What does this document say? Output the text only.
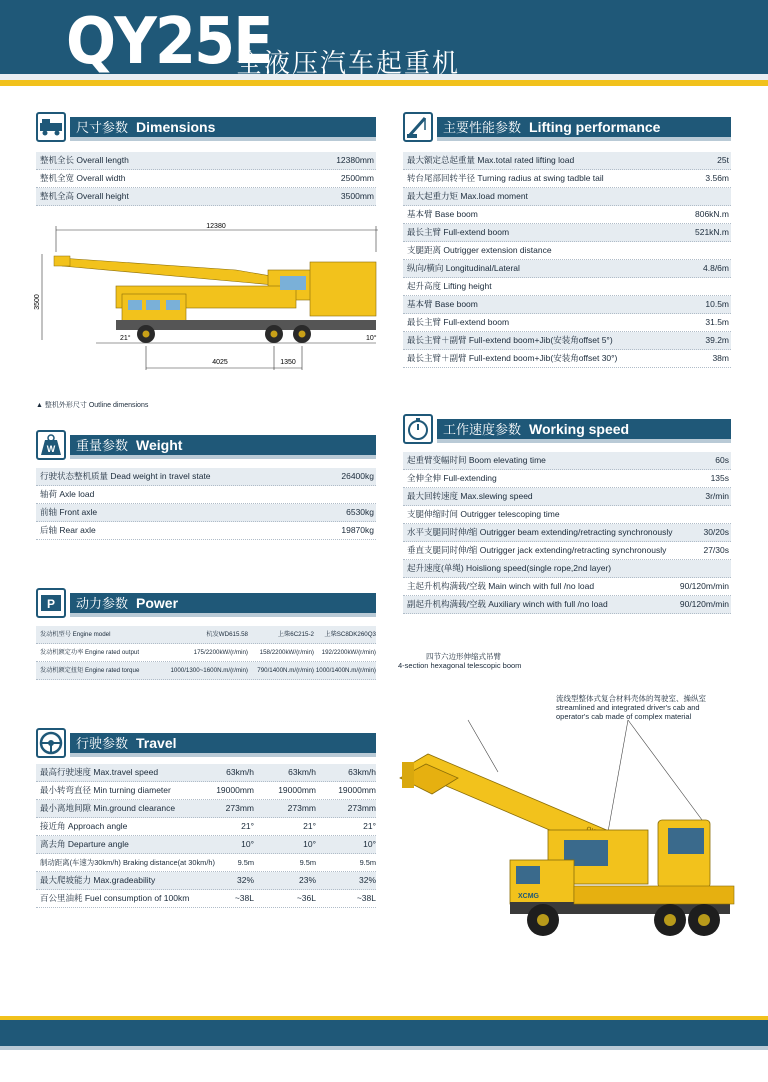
QY25E
全液压汽车起重机
尺寸参数 Dimensions
整机全长 Overall length	12380mm
整机全宽 Overall width	2500mm
整机全高 Overall height	3500mm
12380
3500
21°	10°
4025	1350
▲ 整机外形尺寸 Outline dimensions
主要性能参数 Lifting performance
最大额定总起重量 Max.total rated lifting load	25t
转台尾部回转半径 Turning radius at swing tadble tail	3.56m
最大起重力矩 Max.load moment
基本臂 Base boom	806kN.m
最长主臂 Full-extend boom	521kN.m
支腿距离 Outrigger extension distance
纵向/横向 Longitudinal/Lateral	4.8/6m
起升高度 Lifting height
基本臂 Base boom	10.5m
最长主臂 Full-extend boom	31.5m
最长主臂＋副臂 Full-extend boom+Jib(安装角offset 5°)	39.2m
最长主臂＋副臂 Full-extend boom+Jib(安装角offset 30°)	38m
W	重量参数 Weight
行驶状态整机质量 Dead weight in travel state	26400kg
轴荷 Axle load
前轴 Front axle	6530kg
后轴 Rear axle	19870kg
工作速度参数 Working speed
起重臂变幅时间 Boom elevating time	60s
全伸全伸 Full-extending	135s
最大回转速度 Max.slewing speed	3r/min
支腿伸缩时间 Outrigger telescoping time
水平支腿同时伸/缩 Outrigger beam extending/retracting synchronously	30/20s
垂直支腿同时伸/缩 Outrigger jack extending/retracting synchronously	27/30s
起升速度(单绳) Hoisliong speed(single rope,2nd layer)
主起升机构满载/空载 Main winch with full /no load	90/120m/min
副起升机构满载/空载 Auxiliary winch with full /no load	90/120m/min
P	动力参数 Power
发动机型号 Engine model	杭发WD615.58	上柴6C215-2	上柴SC8DK260Q3
发动机额定功率 Engine rated output	175/2200kW/(r/min)	158/2200kW/(r/min)	192/2200kW/(r/min)
发动机额定扭矩 Engine rated torque	1000/1300~1600N.m/(r/min)	790/1400N.m/(r/min) 1000/1400N.m/(r/min)
行驶参数 Travel
最高行驶速度 Max.travel speed	63km/h	63km/h	63km/h
最小转弯直径 Min turning diameter	19000mm	19000mm	19000mm
最小离地间隙 Min.ground clearance	273mm	273mm	273mm
接近角 Approach angle	21°	21°	21°
离去角 Departure angle	10°	10°	10°
制动距离(车速为30km/h) Braking distance(at 30km/h)	9.5m	9.5m	9.5m
最大爬坡能力 Max.gradeability	32%	23%	32%
百公里油耗 Fuel consumption of 100km	~38L	~36L	~38L
四节六边形伸缩式吊臂
4-section hexagonal telescopic boom
流线型整体式复合材料壳体的驾驶室、操纵室
streamlined and integrated driver's cab and operator's cab made of complex material
XCMG
